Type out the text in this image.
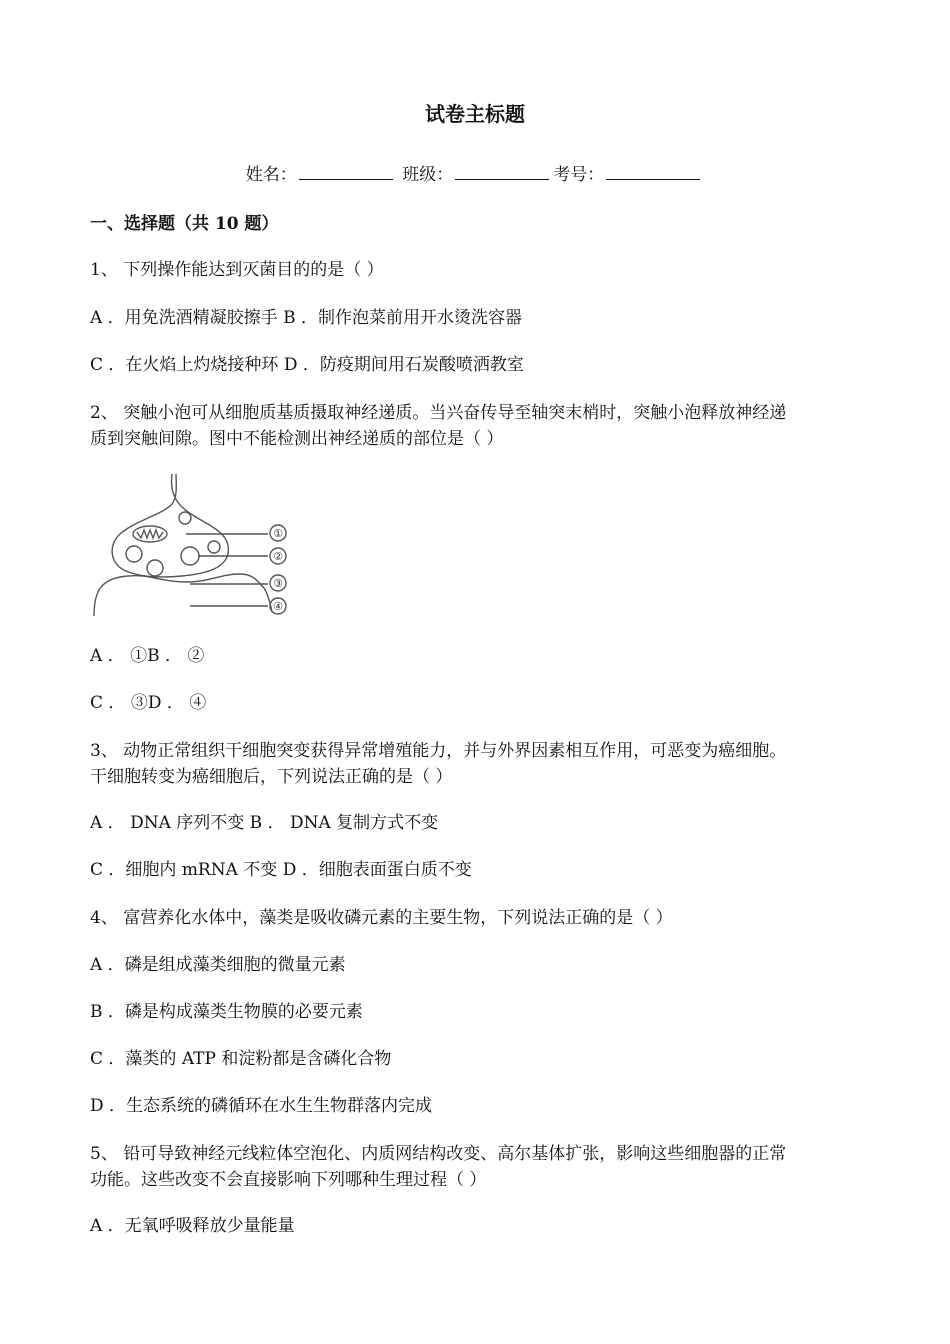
试卷主标题
姓名：	班级：	考号：
一、选择题（共 10 题）
1、 下列操作能达到灭菌目的的是（ ）
A ．用免洗酒精凝胶擦手 B ．制作泡菜前用开水烫洗容器
C ．在火焰上灼烧接种环 D ．防疫期间用石炭酸喷洒教室
2、 突触小泡可从细胞质基质摄取神经递质。当兴奋传导至轴突末梢时，突触小泡释放神经递
质到突触间隙。图中不能检测出神经递质的部位是（ ）
①
②
③
④
A ． ①B ． ②
C ． ③D ． ④
3、 动物正常组织干细胞突变获得异常增殖能力，并与外界因素相互作用，可恶变为癌细胞。
干细胞转变为癌细胞后，下列说法正确的是（ ）
A ． DNA 序列不变 B ． DNA 复制方式不变
C ．细胞内 mRNA 不变 D ．细胞表面蛋白质不变
4、 富营养化水体中，藻类是吸收磷元素的主要生物，下列说法正确的是（ ）
A ．磷是组成藻类细胞的微量元素
B ．磷是构成藻类生物膜的必要元素
C ．藻类的 ATP 和淀粉都是含磷化合物
D ．生态系统的磷循环在水生生物群落内完成
5、 铅可导致神经元线粒体空泡化、内质网结构改变、高尔基体扩张，影响这些细胞器的正常
功能。这些改变不会直接影响下列哪种生理过程（ ）
A ．无氧呼吸释放少量能量
